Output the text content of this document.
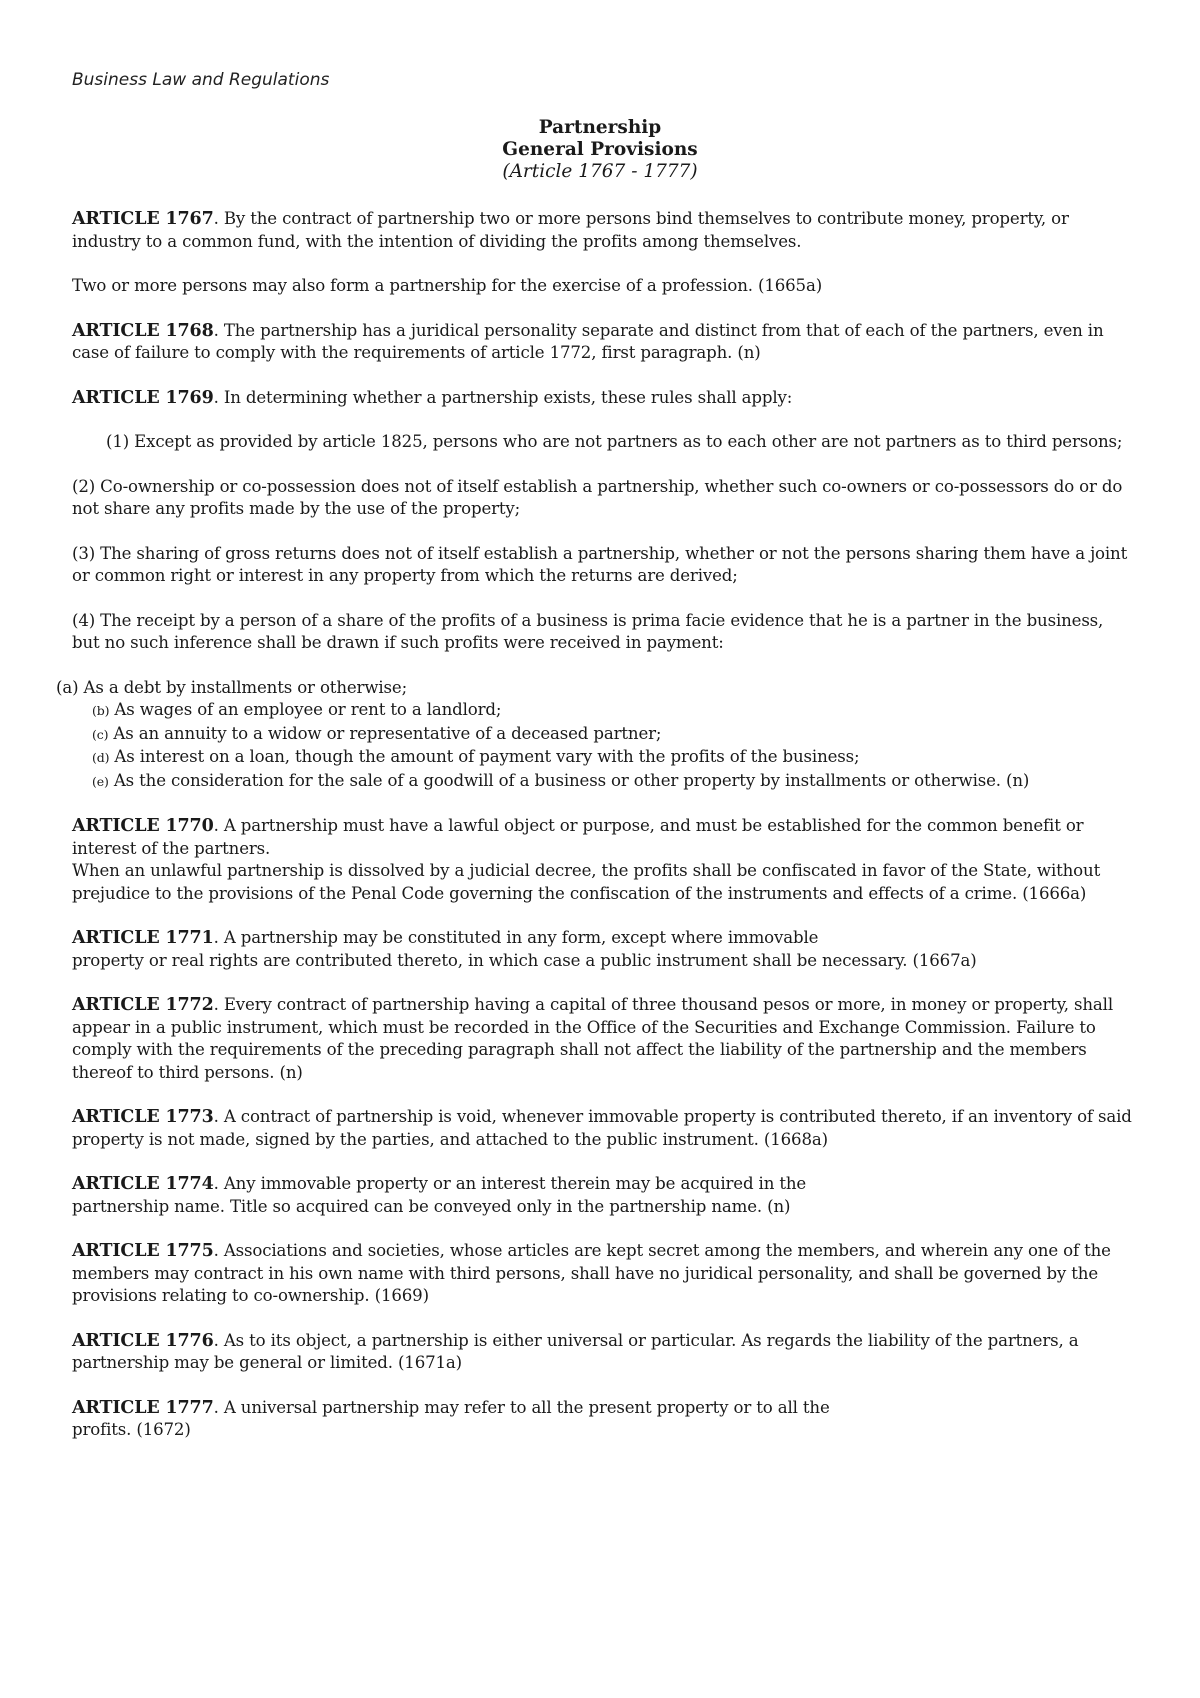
Business Law and Regulations
Partnership
General Provisions
(Article 1767 - 1777)

ARTICLE 1767. By the contract of partnership two or more persons bind themselves to contribute money, property, or industry to a common fund, with the intention of dividing the profits among themselves.

Two or more persons may also form a partnership for the exercise of a profession. (1665a)

ARTICLE 1768. The partnership has a juridical personality separate and distinct from that of each of the partners, even in case of failure to comply with the requirements of article 1772, first paragraph. (n)

ARTICLE 1769. In determining whether a partnership exists, these rules shall apply:

(1) Except as provided by article 1825, persons who are not partners as to each other are not partners as to third persons;

(2) Co-ownership or co-possession does not of itself establish a partnership, whether such co-owners or co-possessors do or do not share any profits made by the use of the property;

(3) The sharing of gross returns does not of itself establish a partnership, whether or not the persons sharing them have a joint or common right or interest in any property from which the returns are derived;

(4) The receipt by a person of a share of the profits of a business is prima facie evidence that he is a partner in the business, but no such inference shall be drawn if such profits were received in payment:

(a) As a debt by installments or otherwise;
(b) As wages of an employee or rent to a landlord;
(c) As an annuity to a widow or representative of a deceased partner;
(d) As interest on a loan, though the amount of payment vary with the profits of the business;
(e) As the consideration for the sale of a goodwill of a business or other property by installments or otherwise. (n)

ARTICLE 1770. A partnership must have a lawful object or purpose, and must be established for the common benefit or interest of the partners.

When an unlawful partnership is dissolved by a judicial decree, the profits shall be confiscated in favor of the State, without prejudice to the provisions of the Penal Code governing the confiscation of the instruments and effects of a crime. (1666a)

ARTICLE 1771. A partnership may be constituted in any form, except where immovable
property or real rights are contributed thereto, in which case a public instrument shall be necessary. (1667a)

ARTICLE 1772. Every contract of partnership having a capital of three thousand pesos or more, in money or property, shall appear in a public instrument, which must be recorded in the Office of the Securities and Exchange Commission. Failure to comply with the requirements of the preceding paragraph shall not affect the liability of the partnership and the members thereof to third persons. (n)

ARTICLE 1773. A contract of partnership is void, whenever immovable property is contributed thereto, if an inventory of said property is not made, signed by the parties, and attached to the public instrument. (1668a)

ARTICLE 1774. Any immovable property or an interest therein may be acquired in the
partnership name. Title so acquired can be conveyed only in the partnership name. (n)

ARTICLE 1775. Associations and societies, whose articles are kept secret among the members, and wherein any one of the members may contract in his own name with third persons, shall have no juridical personality, and shall be governed by the provisions relating to co-ownership. (1669)

ARTICLE 1776. As to its object, a partnership is either universal or particular. As regards the liability of the partners, a partnership may be general or limited. (1671a)

ARTICLE 1777. A universal partnership may refer to all the present property or to all the
profits. (1672)
